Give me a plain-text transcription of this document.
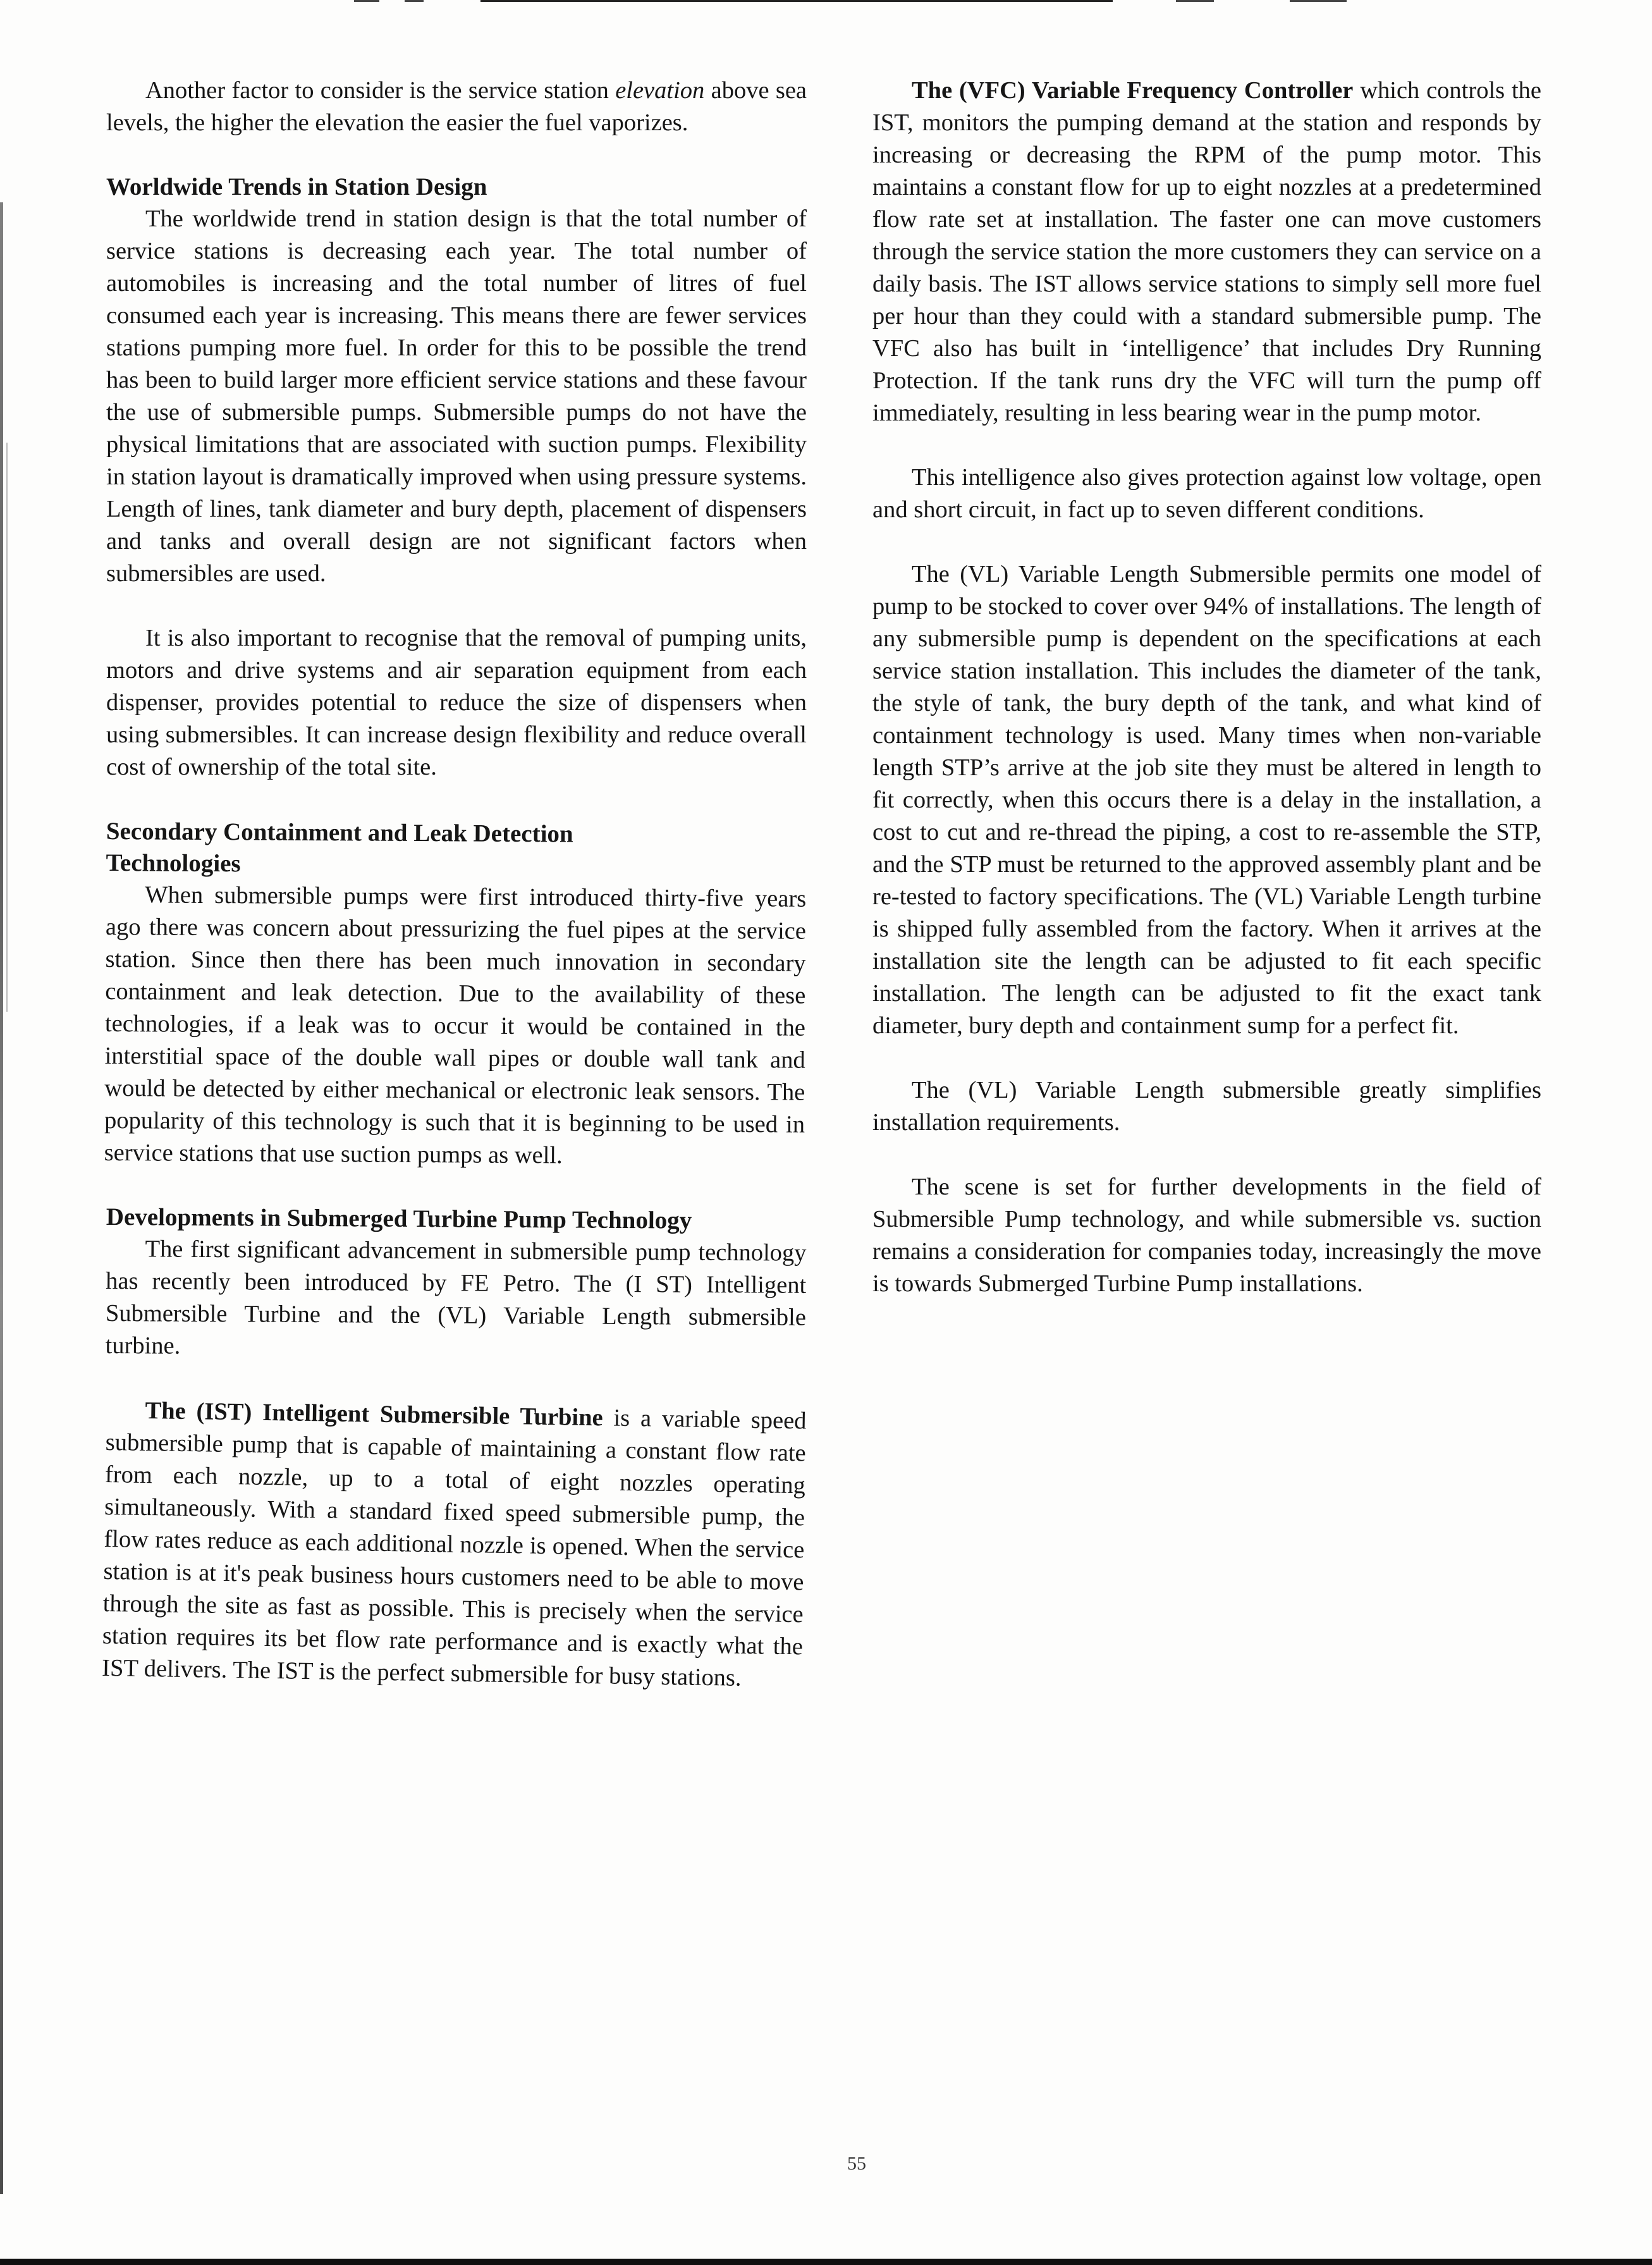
Another factor to consider is the service station elevation above sea levels, the higher the elevation the easier the fuel vaporizes.

Worldwide Trends in Station Design

The worldwide trend in station design is that the total number of service stations is decreasing each year. The total number of automobiles is increasing and the total number of litres of fuel consumed each year is increasing. This means there are fewer services stations pumping more fuel. In order for this to be possible the trend has been to build larger more efficient service stations and these favour the use of submersible pumps. Submersible pumps do not have the physical limitations that are associated with suction pumps. Flexibility in station layout is dramatically improved when using pressure systems. Length of lines, tank diameter and bury depth, placement of dispensers and tanks and overall design are not significant factors when submersibles are used.

It is also important to recognise that the removal of pumping units, motors and drive systems and air separation equipment from each dispenser, provides potential to reduce the size of dispensers when using submersibles. It can increase design flexibility and reduce overall cost of ownership of the total site.

Secondary Containment and Leak Detection
Technologies

When submersible pumps were first introduced thirty-five years ago there was concern about pressurizing the fuel pipes at the service station. Since then there has been much innovation in secondary containment and leak detection. Due to the availability of these technologies, if a leak was to occur it would be contained in the interstitial space of the double wall pipes or double wall tank and would be detected by either mechanical or electronic leak sensors. The popularity of this technology is such that it is beginning to be used in service stations that use suction pumps as well.

Developments in Submerged Turbine Pump Technology

The first significant advancement in submersible pump technology has recently been introduced by FE Petro. The (I ST) Intelligent Submersible Turbine and the (VL) Variable Length submersible turbine.

The (IST) Intelligent Submersible Turbine is a variable speed submersible pump that is capable of maintaining a constant flow rate from each nozzle, up to a total of eight nozzles operating simultaneously. With a standard fixed speed submersible pump, the flow rates reduce as each additional nozzle is opened. When the service station is at it's peak business hours customers need to be able to move through the site as fast as possible. This is precisely when the service station requires its bet flow rate performance and is exactly what the IST delivers. The IST is the perfect submersible for busy stations.

The (VFC) Variable Frequency Controller which controls the IST, monitors the pumping demand at the station and responds by increasing or decreasing the RPM of the pump motor. This maintains a constant flow for up to eight nozzles at a predetermined flow rate set at installation. The faster one can move customers through the service station the more customers they can service on a daily basis. The IST allows service stations to simply sell more fuel per hour than they could with a standard submersible pump. The VFC also has built in ‘intelligence’ that includes Dry Running Protection. If the tank runs dry the VFC will turn the pump off immediately, resulting in less bearing wear in the pump motor.

This intelligence also gives protection against low voltage, open and short circuit, in fact up to seven different conditions.

The (VL) Variable Length Submersible permits one model of pump to be stocked to cover over 94% of installations. The length of any submersible pump is dependent on the specifications at each service station installation. This includes the diameter of the tank, the style of tank, the bury depth of the tank, and what kind of containment technology is used. Many times when non-variable length STP’s arrive at the job site they must be altered in length to fit correctly, when this occurs there is a delay in the installation, a cost to cut and re-thread the piping, a cost to re-assemble the STP, and the STP must be returned to the approved assembly plant and be re-tested to factory specifications. The (VL) Variable Length turbine is shipped fully assembled from the factory. When it arrives at the installation site the length can be adjusted to fit each specific installation. The length can be adjusted to fit the exact tank diameter, bury depth and containment sump for a perfect fit.

The (VL) Variable Length submersible greatly simplifies installation requirements.

The scene is set for further developments in the field of Submersible Pump technology, and while submersible vs. suction remains a consideration for companies today, increasingly the move is towards Submerged Turbine Pump installations.

55
